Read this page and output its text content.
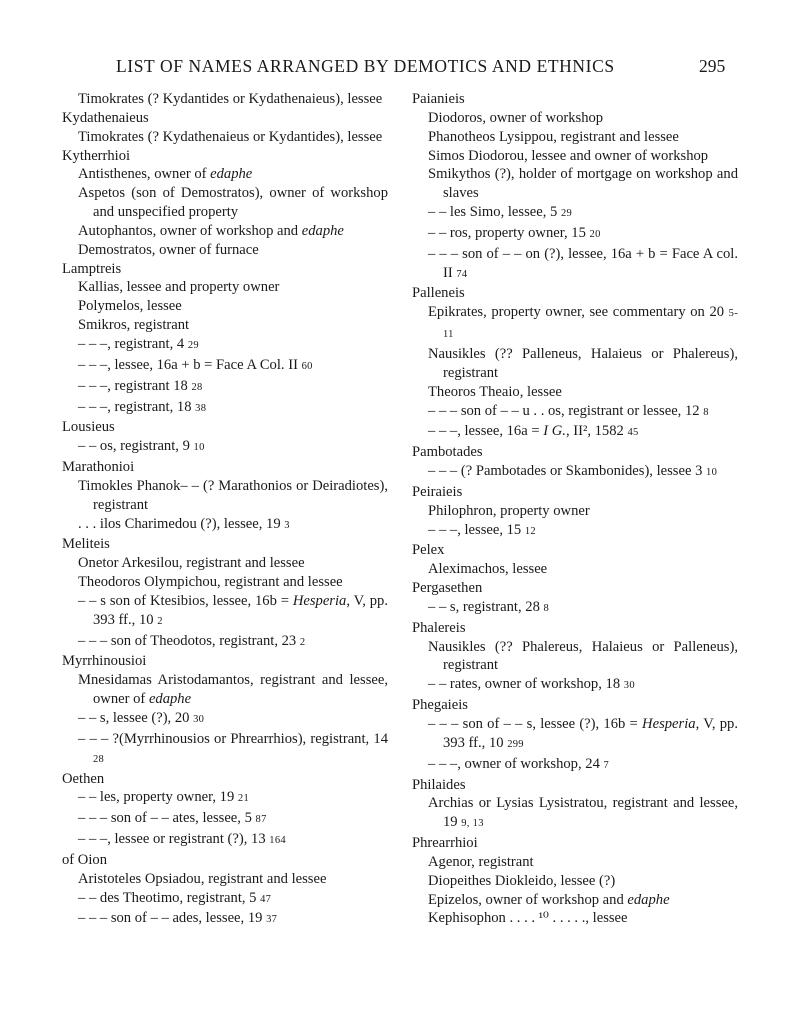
LIST OF NAMES ARRANGED BY DEMOTICS AND ETHNICS	295
Timokrates (? Kydantides or Kydathenaieus), lessee
Kydathenaieus
Timokrates (? Kydathenaieus or Kydantides), lessee
Kytherrhioi
Antisthenes, owner of edaphe
Aspetos (son of Demostratos), owner of workshop and unspecified property
Autophantos, owner of workshop and edaphe
Demostratos, owner of furnace
Lamptreis
Kallias, lessee and property owner
Polymelos, lessee
Smikros, registrant
– – –, registrant, 4 29
– – –, lessee, 16a + b = Face A Col. II 60
– – –, registrant 18 28
– – –, registrant, 18 38
Lousieus
– – os, registrant, 9 10
Marathonioi
Timokles Phanok– – (? Marathonios or Deiradiotes), registrant
. . . ilos Charimedou (?), lessee, 19 3
Meliteis
Onetor Arkesilou, registrant and lessee
Theodoros Olympichou, registrant and lessee
– – s son of Ktesibios, lessee, 16b = Hesperia, V, pp. 393 ff., 10 2
– – – son of Theodotos, registrant, 23 2
Myrrhinousioi
Mnesidamas Aristodamantos, registrant and lessee, owner of edaphe
– – s, lessee (?), 20 30
– – – ?(Myrrhinousios or Phrearrhios), registrant, 14 28
Oethen
– – les, property owner, 19 21
– – – son of – – ates, lessee, 5 87
– – –, lessee or registrant (?), 13 164
of Oion
Aristoteles Opsiadou, registrant and lessee
– – des Theotimo, registrant, 5 47
– – – son of – – ades, lessee, 19 37
Paianieis
Diodoros, owner of workshop
Phanotheos Lysippou, registrant and lessee
Simos Diodorou, lessee and owner of workshop
Smikythos (?), holder of mortgage on workshop and slaves
– – les Simo, lessee, 5 29
– – ros, property owner, 15 20
– – – son of – – on (?), lessee, 16a + b = Face A col. II 74
Palleneis
Epikrates, property owner, see commentary on 20 5-11
Nausikles (?? Palleneus, Halaieus or Phalereus), registrant
Theoros Theaio, lessee
– – – son of – – u . . os, registrant or lessee, 12 8
– – –, lessee, 16a = I G., II², 1582 45
Pambotades
– – – (? Pambotades or Skambonides), lessee 3 10
Peiraieis
Philophron, property owner
– – –, lessee, 15 12
Pelex
Aleximachos, lessee
Pergasethen
– – s, registrant, 28 8
Phalereis
Nausikles (?? Phalereus, Halaieus or Palleneus), registrant
– – rates, owner of workshop, 18 30
Phegaieis
– – – son of – – s, lessee (?), 16b = Hesperia, V, pp. 393 ff., 10 299
– – –, owner of workshop, 24 7
Philaides
Archias or Lysias Lysistratou, registrant and lessee, 19 9, 13
Phrearrhioi
Agenor, registrant
Diopeithes Diokleido, lessee (?)
Epizelos, owner of workshop and edaphe
Kephisophon . . . . ¹⁰ . . . . ., lessee
